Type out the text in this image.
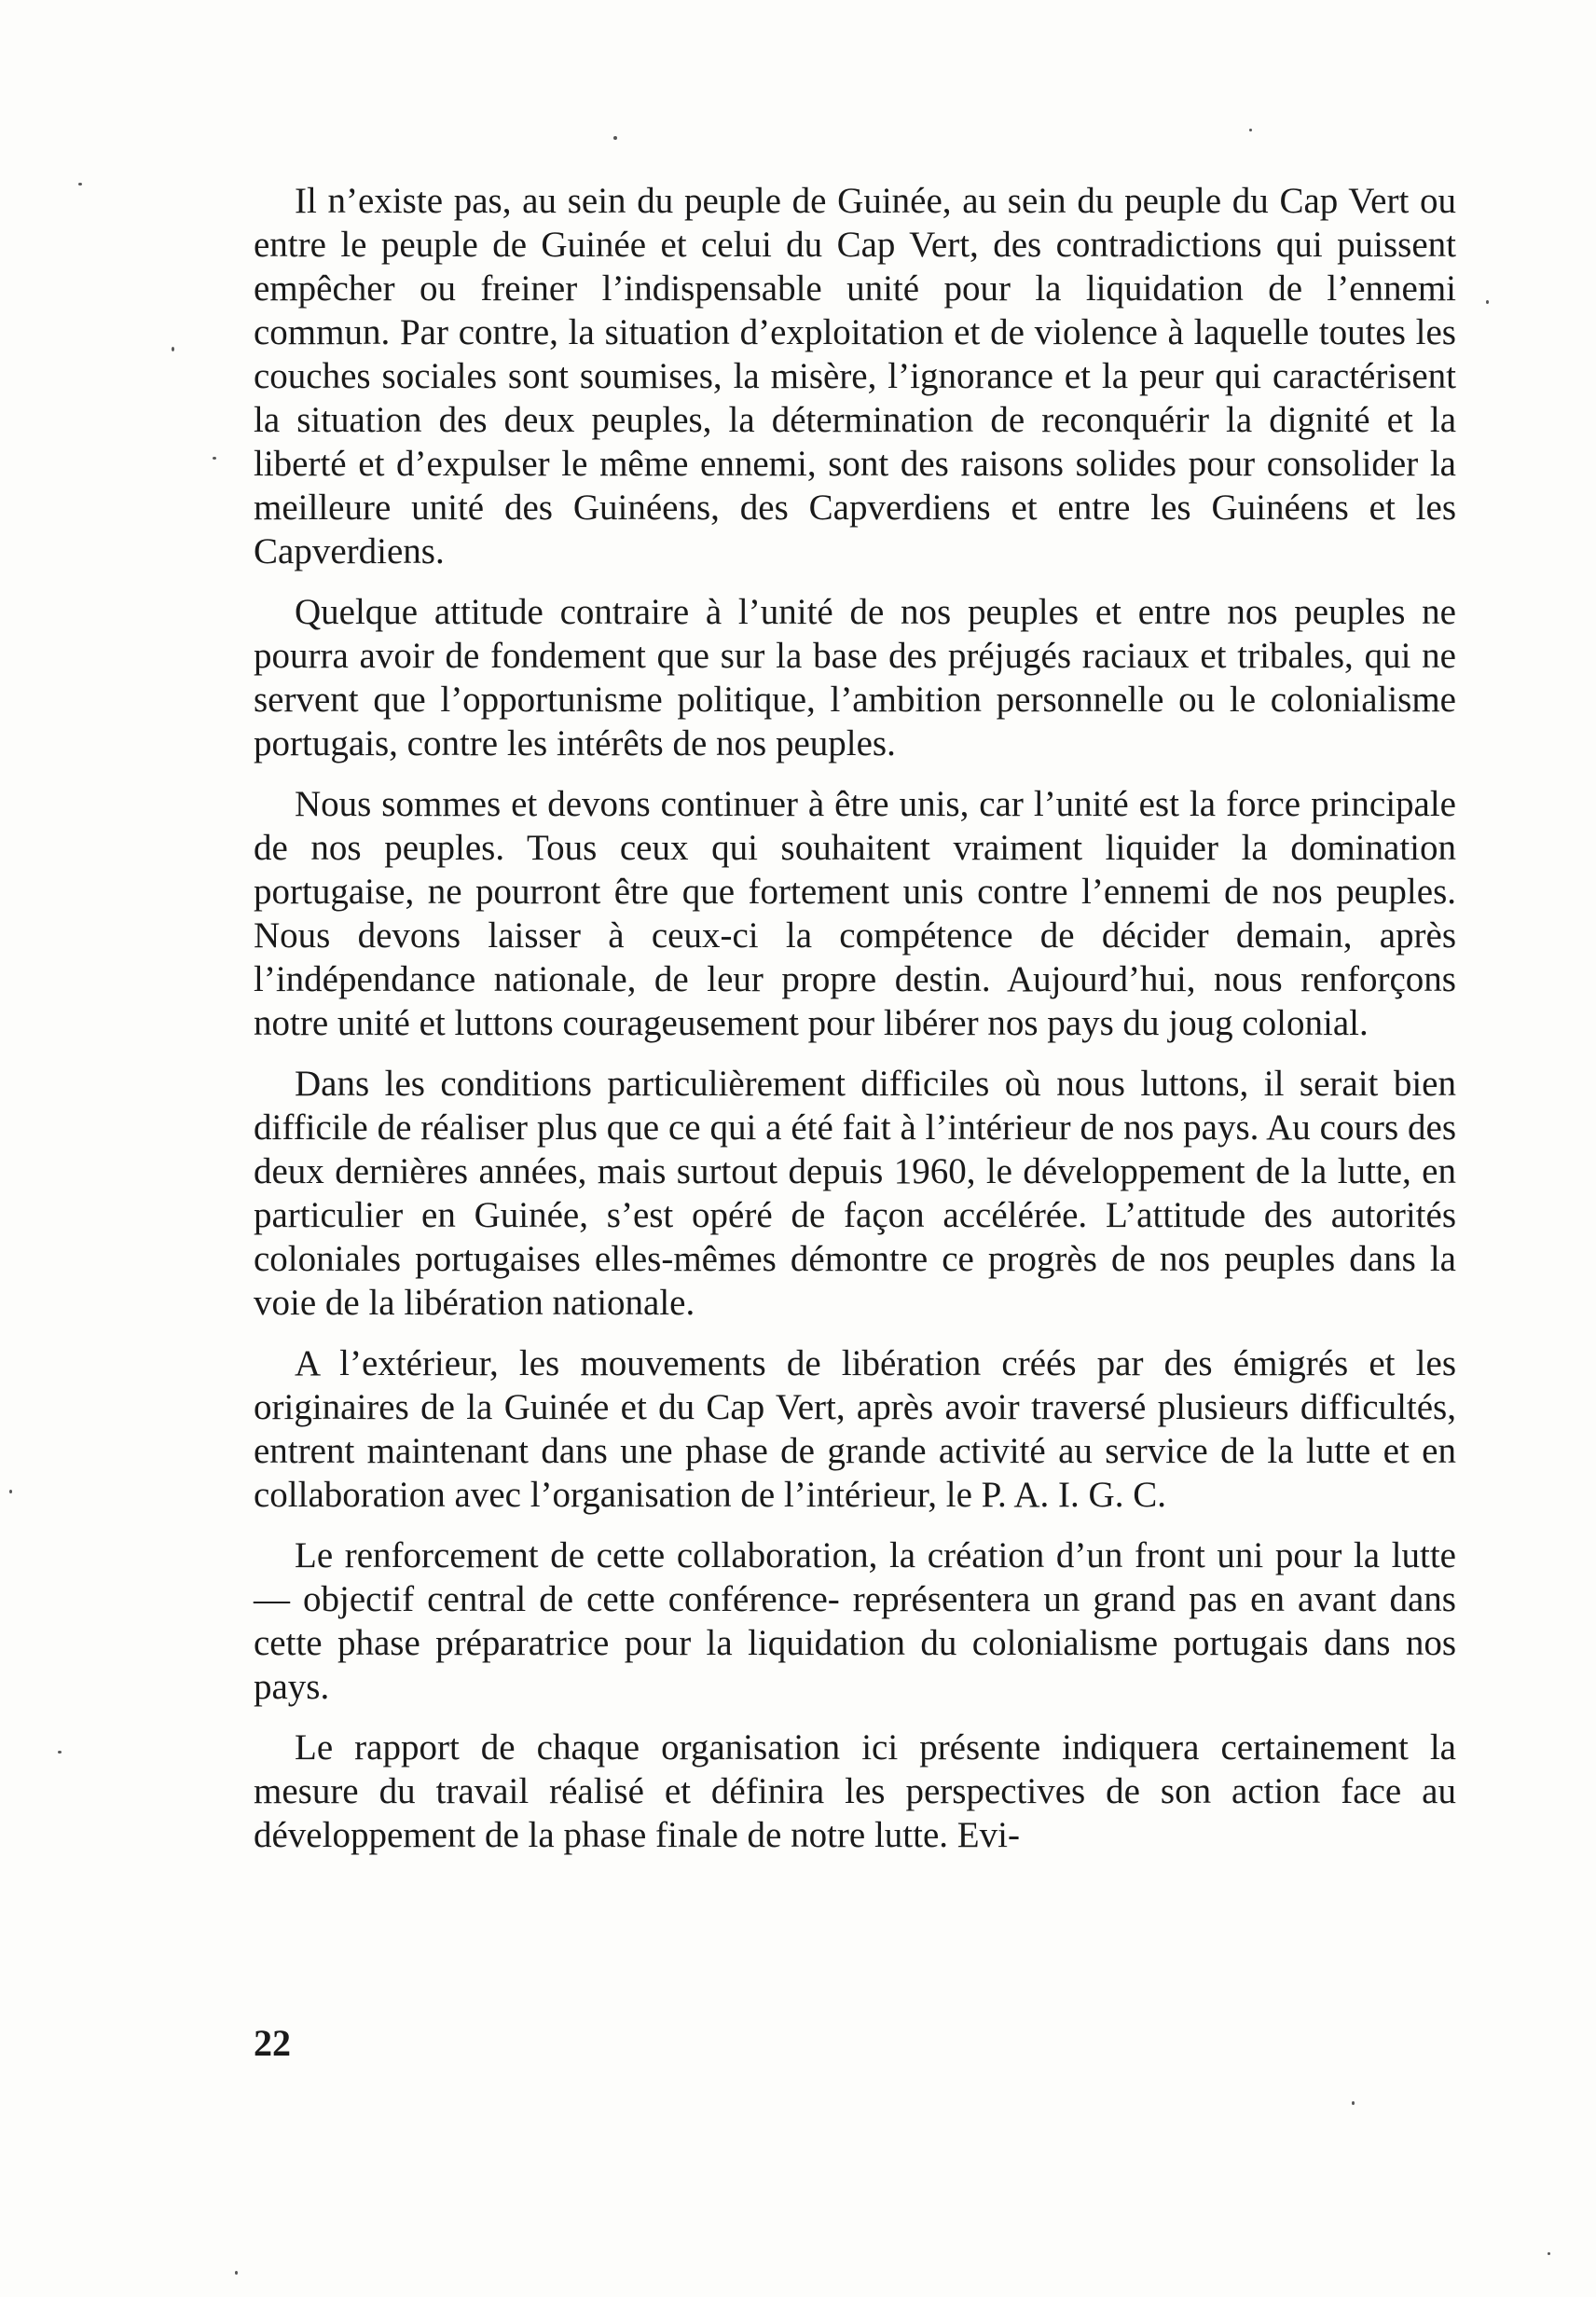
Il n’existe pas, au sein du peuple de Guinée, au sein du peuple du Cap Vert ou entre le peuple de Guinée et celui du Cap Vert, des contradictions qui puissent empêcher ou freiner l’indispensable unité pour la liquidation de l’ennemi commun. Par contre, la situation d’exploitation et de violence à laquelle toutes les couches sociales sont soumises, la misère, l’ignorance et la peur qui caractérisent la situation des deux peuples, la détermination de reconquérir la dignité et la liberté et d’expulser le même ennemi, sont des raisons solides pour consolider la meilleure unité des Guinéens, des Capverdiens et entre les Guinéens et les Capverdiens.

Quelque attitude contraire à l’unité de nos peuples et entre nos peuples ne pourra avoir de fondement que sur la base des préjugés raciaux et tribales, qui ne servent que l’opportunisme politique, l’ambition personnelle ou le colonialisme portugais, contre les intérêts de nos peuples.

Nous sommes et devons continuer à être unis, car l’unité est la force principale de nos peuples. Tous ceux qui souhaitent vraiment liquider la domination portugaise, ne pourront être que fortement unis contre l’ennemi de nos peuples. Nous devons laisser à ceux-ci la compétence de décider demain, après l’indépendance nationale, de leur propre destin. Aujourd’hui, nous renforçons notre unité et luttons courageusement pour libérer nos pays du joug colonial.

Dans les conditions particulièrement difficiles où nous luttons, il serait bien difficile de réaliser plus que ce qui a été fait à l’intérieur de nos pays. Au cours des deux dernières années, mais surtout depuis 1960, le développement de la lutte, en particulier en Guinée, s’est opéré de façon accélérée. L’attitude des autorités coloniales portugaises elles-mêmes démontre ce progrès de nos peuples dans la voie de la libération nationale.

A l’extérieur, les mouvements de libération créés par des émigrés et les originaires de la Guinée et du Cap Vert, après avoir traversé plusieurs difficultés, entrent maintenant dans une phase de grande activité au service de la lutte et en collaboration avec l’organisation de l’intérieur, le P. A. I. G. C.

Le renforcement de cette collaboration, la création d’un front uni pour la lutte — objectif central de cette conférence- représentera un grand pas en avant dans cette phase préparatrice pour la liquidation du colonialisme portugais dans nos pays.

Le rapport de chaque organisation ici présente indiquera certainement la mesure du travail réalisé et définira les perspectives de son action face au développement de la phase finale de notre lutte. Evi-

22
